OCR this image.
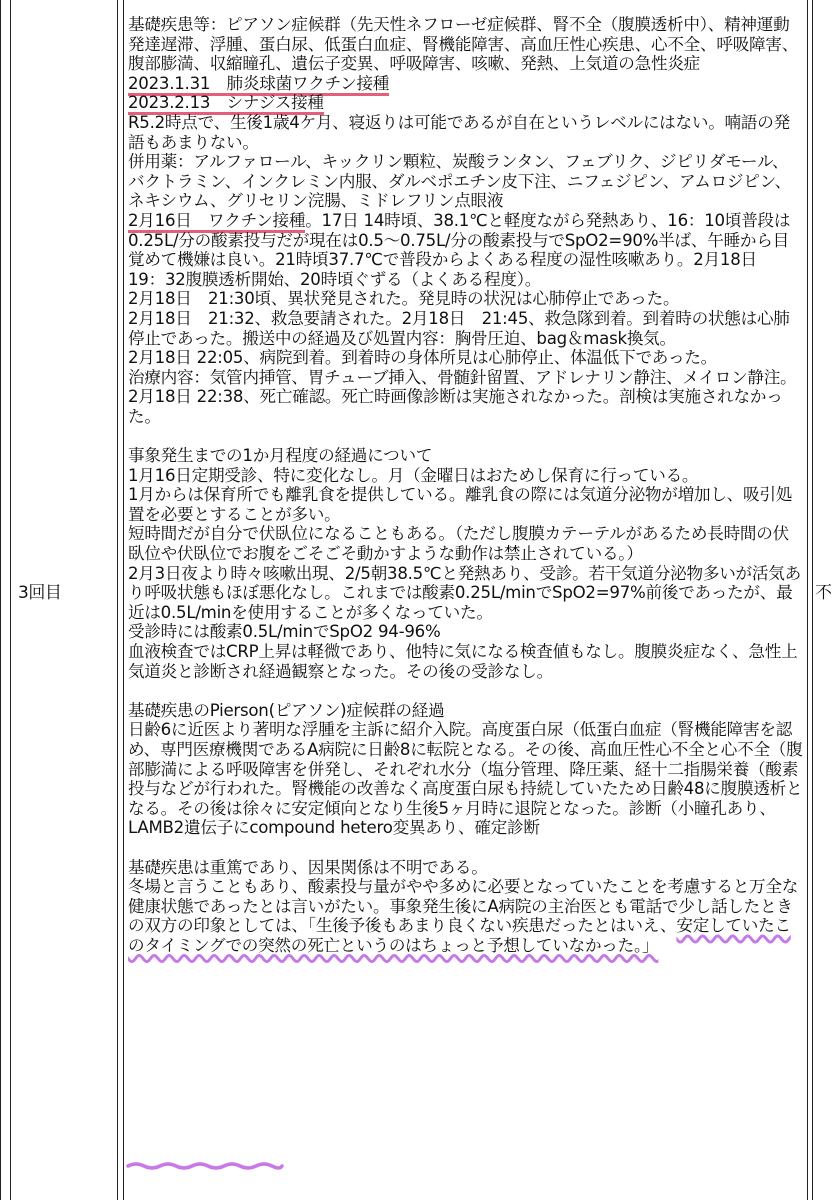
3回目	不

基礎疾患等：ピアソン症候群（先天性ネフローゼ症候群、腎不全（腹膜透析中）、精神運動発達遅滞、浮腫、蛋白尿、低蛋白血症、腎機能障害、高血圧性心疾患、心不全、呼吸障害、腹部膨満、収縮瞳孔、遺伝子変異、呼吸障害、咳嗽、発熱、上気道の急性炎症

2023.1.31　肺炎球菌ワクチン接種

2023.2.13　シナジス接種

R5.2時点で、生後1歳4ケ月、寝返りは可能であるが自在というレベルにはない。喃語の発語もあまりない。

併用薬：アルファロール、キックリン顆粒、炭酸ランタン、フェブリク、ジピリダモール、バクトラミン、インクレミン内服、ダルベポエチン皮下注、ニフェジピン、アムロジピン、ネキシウム、グリセリン浣腸、ミドレフリン点眼液

2月16日　ワクチン接種。17日 14時頃、38.1℃と軽度ながら発熱あり、16：10頃普段は0.25L/分の酸素投与だが現在は0.5～0.75L/分の酸素投与でSpO2=90%半ば、午睡から目覚めて機嫌は良い。21時頃37.7℃で普段からよくある程度の湿性咳嗽あり。2月18日　19：32腹膜透析開始、20時頃ぐずる（よくある程度）。

2月18日　21:30頃、異状発見された。発見時の状況は心肺停止であった。

2月18日　21:32、救急要請された。2月18日　21:45、救急隊到着。到着時の状態は心肺停止であった。搬送中の経過及び処置内容：胸骨圧迫、bag＆mask換気。

2月18日 22:05、病院到着。到着時の身体所見は心肺停止、体温低下であった。

治療内容：気管内挿管、胃チューブ挿入、骨髄針留置、アドレナリン静注、メイロン静注。

2月18日 22:38、死亡確認。死亡時画像診断は実施されなかった。剖検は実施されなかった。

事象発生までの1か月程度の経過について

1月16日定期受診、特に変化なし。月（金曜日はおためし保育に行っている。

1月からは保育所でも離乳食を提供している。離乳食の際には気道分泌物が増加し、吸引処置を必要とすることが多い。

短時間だが自分で伏臥位になることもある。（ただし腹膜カテーテルがあるため長時間の伏臥位や伏臥位でお腹をごそごそ動かすような動作は禁止されている。）

2月3日夜より時々咳嗽出現、2/5朝38.5℃と発熱あり、受診。若干気道分泌物多いが活気あり呼吸状態もほぼ悪化なし。これまでは酸素0.25L/minでSpO2=97%前後であったが、最近は0.5L/minを使用することが多くなっていた。

受診時には酸素0.5L/minでSpO2 94-96%

血液検査ではCRP上昇は軽微であり、他特に気になる検査値もなし。腹膜炎症なく、急性上気道炎と診断され経過観察となった。その後の受診なし。

基礎疾患のPierson(ピアソン)症候群の経過

日齢6に近医より著明な浮腫を主訴に紹介入院。高度蛋白尿（低蛋白血症（腎機能障害を認め、専門医療機関であるA病院に日齢8に転院となる。その後、高血圧性心不全と心不全（腹部膨満による呼吸障害を併発し、それぞれ水分（塩分管理、降圧薬、経十二指腸栄養（酸素投与などが行われた。腎機能の改善なく高度蛋白尿も持続していたため日齢48に腹膜透析となる。その後は徐々に安定傾向となり生後5ヶ月時に退院となった。診断（小瞳孔あり、LAMB2遺伝子にcompound hetero変異あり、確定診断

基礎疾患は重篤であり、因果関係は不明である。

冬場と言うこともあり、酸素投与量がやや多めに必要となっていたことを考慮すると万全な健康状態であったとは言いがたい。事象発生後にA病院の主治医とも電話で少し話したときの双方の印象としては、「生後予後もあまり良くない疾患だったとはいえ、安定していたこのタイミングでの突然の死亡というのはちょっと予想していなかった。」
